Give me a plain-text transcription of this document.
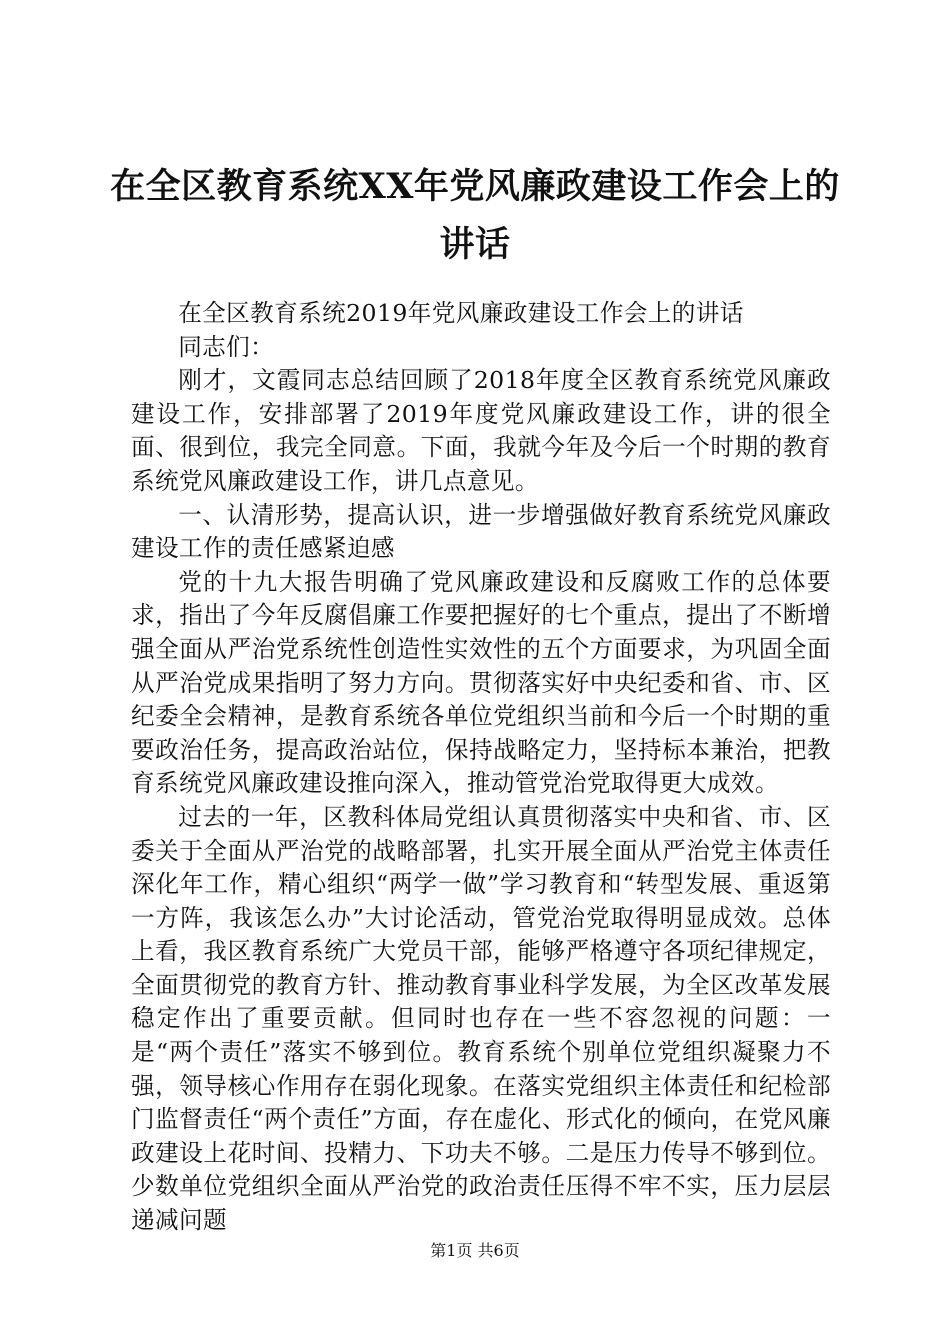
在全区教育系统XX年党风廉政建设工作会上的讲话

在全区教育系统2019年党风廉政建设工作会上的讲话

同志们：

刚才，文霞同志总结回顾了2018年度全区教育系统党风廉政建设工作，安排部署了2019年度党风廉政建设工作，讲的很全面、很到位，我完全同意。下面，我就今年及今后一个时期的教育系统党风廉政建设工作，讲几点意见。

一、认清形势，提高认识，进一步增强做好教育系统党风廉政建设工作的责任感紧迫感

党的十九大报告明确了党风廉政建设和反腐败工作的总体要求，指出了今年反腐倡廉工作要把握好的七个重点，提出了不断增强全面从严治党系统性创造性实效性的五个方面要求，为巩固全面从严治党成果指明了努力方向。贯彻落实好中央纪委和省、市、区纪委全会精神，是教育系统各单位党组织当前和今后一个时期的重要政治任务，提高政治站位，保持战略定力，坚持标本兼治，把教育系统党风廉政建设推向深入，推动管党治党取得更大成效。

过去的一年，区教科体局党组认真贯彻落实中央和省、市、区委关于全面从严治党的战略部署，扎实开展全面从严治党主体责任深化年工作，精心组织“两学一做”学习教育和“转型发展、重返第一方阵，我该怎么办”大讨论活动，管党治党取得明显成效。总体上看，我区教育系统广大党员干部，能够严格遵守各项纪律规定，全面贯彻党的教育方针、推动教育事业科学发展，为全区改革发展稳定作出了重要贡献。但同时也存在一些不容忽视的问题：一是“两个责任”落实不够到位。教育系统个别单位党组织凝聚力不强，领导核心作用存在弱化现象。在落实党组织主体责任和纪检部门监督责任“两个责任”方面，存在虚化、形式化的倾向，在党风廉政建设上花时间、投精力、下功夫不够。二是压力传导不够到位。少数单位党组织全面从严治党的政治责任压得不牢不实，压力层层递减问题

第1页 共6页
